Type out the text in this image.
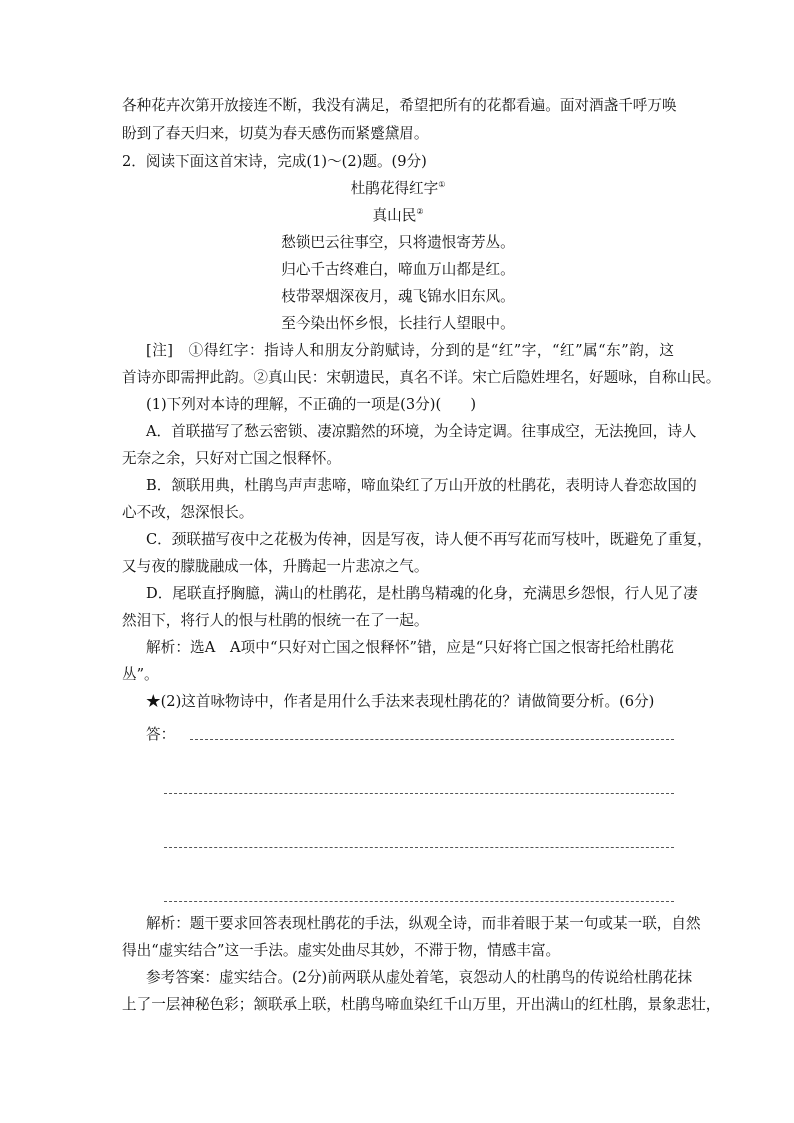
各种花卉次第开放接连不断，我没有满足，希望把所有的花都看遍。面对酒盏千呼万唤
盼到了春天归来，切莫为春天感伤而紧蹙黛眉。
2．阅读下面这首宋诗，完成(1)～(2)题。(9分)
杜鹃花得红字①
真山民②
愁锁巴云往事空，只将遗恨寄芳丛。
归心千古终难白，啼血万山都是红。
枝带翠烟深夜月，魂飞锦水旧东风。
至今染出怀乡恨，长挂行人望眼中。
[注]　①得红字：指诗人和朋友分韵赋诗，分到的是“红”字，“红”属“东”韵，这
首诗亦即需押此韵。②真山民：宋朝遗民，真名不详。宋亡后隐姓埋名，好题咏，自称山民。
(1)下列对本诗的理解，不正确的一项是(3分)(　　)
A．首联描写了愁云密锁、凄凉黯然的环境，为全诗定调。往事成空，无法挽回，诗人
无奈之余，只好对亡国之恨释怀。
B．颔联用典，杜鹃鸟声声悲啼，啼血染红了万山开放的杜鹃花，表明诗人眷恋故国的
心不改，怨深恨长。
C．颈联描写夜中之花极为传神，因是写夜，诗人便不再写花而写枝叶，既避免了重复，
又与夜的朦胧融成一体，升腾起一片悲凉之气。
D．尾联直抒胸臆，满山的杜鹃花，是杜鹃鸟精魂的化身，充满思乡怨恨，行人见了凄
然泪下，将行人的恨与杜鹃的恨统一在了一起。
解析：选A　A项中“只好对亡国之恨释怀”错，应是“只好将亡国之恨寄托给杜鹃花
丛”。
★(2)这首咏物诗中，作者是用什么手法来表现杜鹃花的？请做简要分析。(6分)
答：
解析：题干要求回答表现杜鹃花的手法，纵观全诗，而非着眼于某一句或某一联，自然
得出“虚实结合”这一手法。虚实处曲尽其妙，不滞于物，情感丰富。
参考答案：虚实结合。(2分)前两联从虚处着笔，哀怨动人的杜鹃鸟的传说给杜鹃花抹
上了一层神秘色彩；颔联承上联，杜鹃鸟啼血染红千山万里，开出满山的红杜鹃，景象悲壮，
